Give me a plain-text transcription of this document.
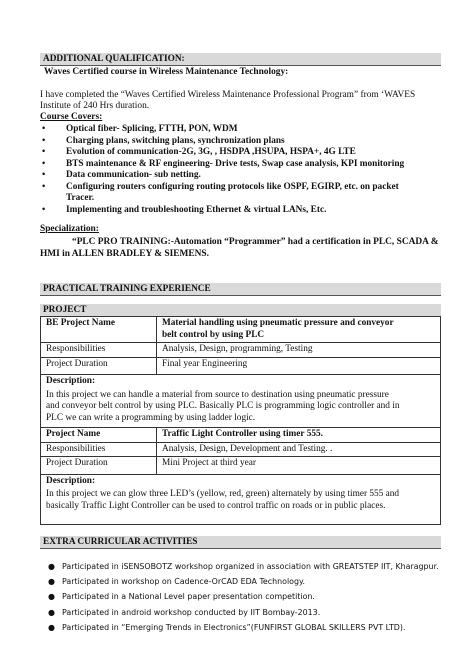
ADDITIONAL QUALIFICATION:
Waves Certified course in Wireless Maintenance Technology:
I have completed the “Waves Certified Wireless Maintenance Professional Program” from ‘WAVES
Institute of 240 Hrs duration.
Course Covers:
• Optical fiber- Splicing, FTTH, PON, WDM
• Charging plans, switching plans, synchronization plans
• Evolution of communication-2G, 3G, , HSDPA ,HSUPA, HSPA+, 4G LTE
• BTS maintenance & RF engineering- Drive tests, Swap case analysis, KPI monitoring
• Data communication- sub netting.
• Configuring routers configuring routing protocols like OSPF, EGIRP, etc. on packet
Tracer.
• Implementing and troubleshooting Ethernet & virtual LANs, Etc.
Specialization:
“PLC PRO TRAINING:-Automation “Programmer” had a certification in PLC, SCADA &
HMI in ALLEN BRADLEY & SIEMENS.
PRACTICAL TRAINING EXPERIENCE
PROJECT
BE Project Name	Material handling using pneumatic pressure and conveyor
belt control by using PLC
Responsibilities	Analysis, Design, programming, Testing
Project Duration	Final year Engineering

Description:
In this project we can handle a material from source to destination using pneumatic pressure
and conveyor belt control by using PLC. Basically PLC is programming logic controller and in
PLC we can write a programming by using ladder logic.	

Project Name	Traffic Light Controller using timer 555.
Responsibilities	Analysis, Design, Development and Testing. .
Project Duration	Mini Project at third year

Description:
In this project we can glow three LED’s (yellow, red, green) alternately by using timer 555 and
basically Traffic Light Controller can be used to control traffic on roads or in public places.	
EXTRA CURRICULAR ACTIVITIES
● Participated in iSENSOBOTZ workshop organized in association with GREATSTEP IIT, Kharagpur.
● Participated in workshop on Cadence-OrCAD EDA Technology.
● Participated in a National Level paper presentation competition.
● Participated in android workshop conducted by IIT Bombay-2013.
● Participated in “Emerging Trends in Electronics”(FUNFIRST GLOBAL SKILLERS PVT LTD).
